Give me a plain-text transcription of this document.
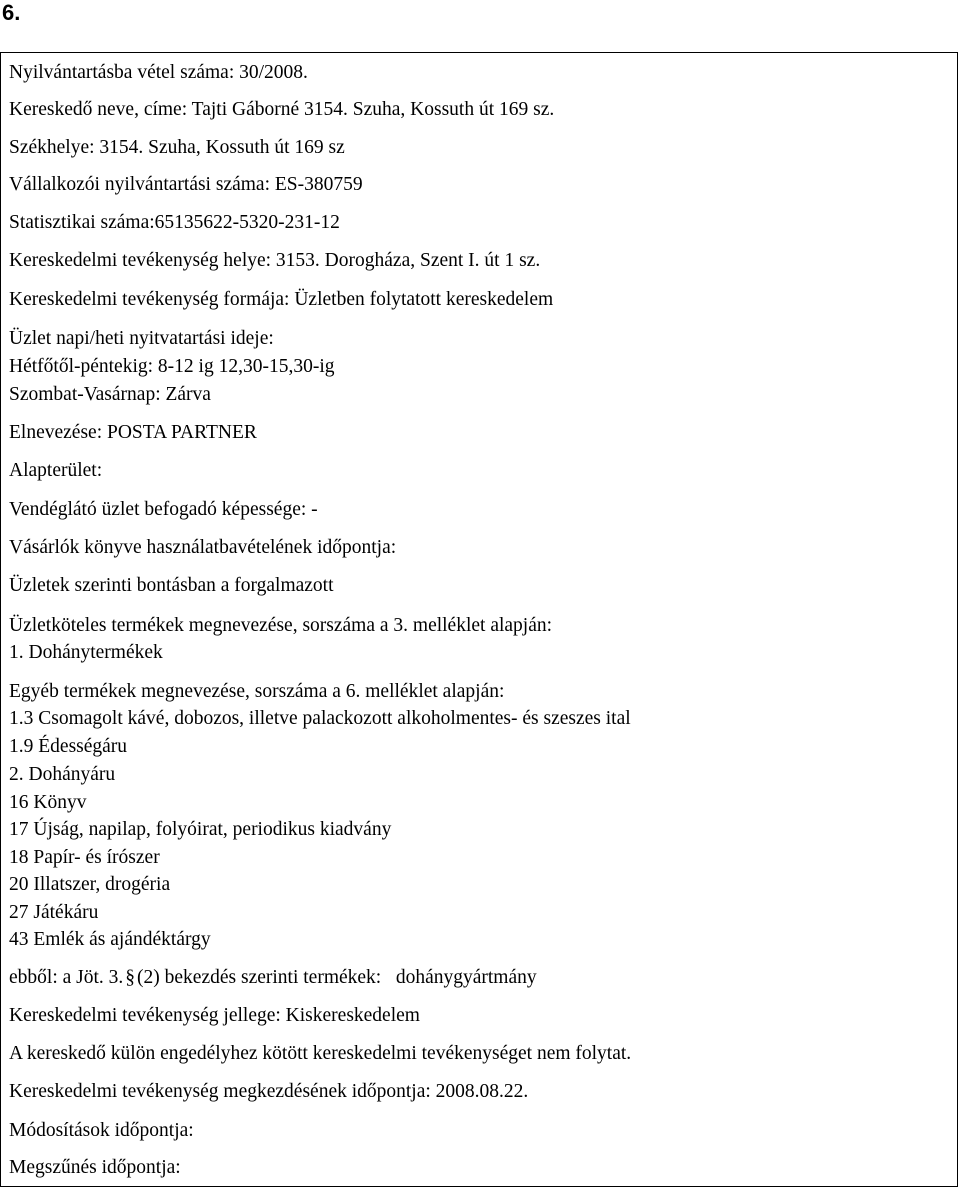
6.
Nyilvántartásba vétel száma: 30/2008.
Kereskedő neve, címe: Tajti Gáborné 3154. Szuha, Kossuth út 169 sz.
Székhelye: 3154. Szuha, Kossuth út 169 sz
Vállalkozói nyilvántartási száma: ES-380759
Statisztikai száma:65135622-5320-231-12
Kereskedelmi tevékenység helye: 3153. Dorogháza, Szent I. út 1 sz.
Kereskedelmi tevékenység formája: Üzletben folytatott kereskedelem
Üzlet napi/heti nyitvatartási ideje:
Hétfőtől-péntekig: 8-12 ig 12,30-15,30-ig
Szombat-Vasárnap: Zárva
Elnevezése: POSTA PARTNER
Alapterület:
Vendéglátó üzlet befogadó képessége: -
Vásárlók könyve használatbavételének időpontja:
Üzletek szerinti bontásban a forgalmazott
Üzletköteles termékek megnevezése, sorszáma a 3. melléklet alapján:
1. Dohánytermékek
Egyéb termékek megnevezése, sorszáma a 6. melléklet alapján:
1.3 Csomagolt kávé, dobozos, illetve palackozott alkoholmentes- és szeszes ital
1.9 Édességáru
2. Dohányáru
16 Könyv
17 Újság, napilap, folyóirat, periodikus kiadvány
18 Papír- és írószer
20 Illatszer, drogéria
27 Játékáru
43 Emlék ás ajándéktárgy
ebből: a Jöt. 3. § (2) bekezdés szerinti termékek:   dohánygyártmány
Kereskedelmi tevékenység jellege: Kiskereskedelem
A kereskedő külön engedélyhez kötött kereskedelmi tevékenységet nem folytat.
Kereskedelmi tevékenység megkezdésének időpontja: 2008.08.22.
Módosítások időpontja:
Megszűnés időpontja:
